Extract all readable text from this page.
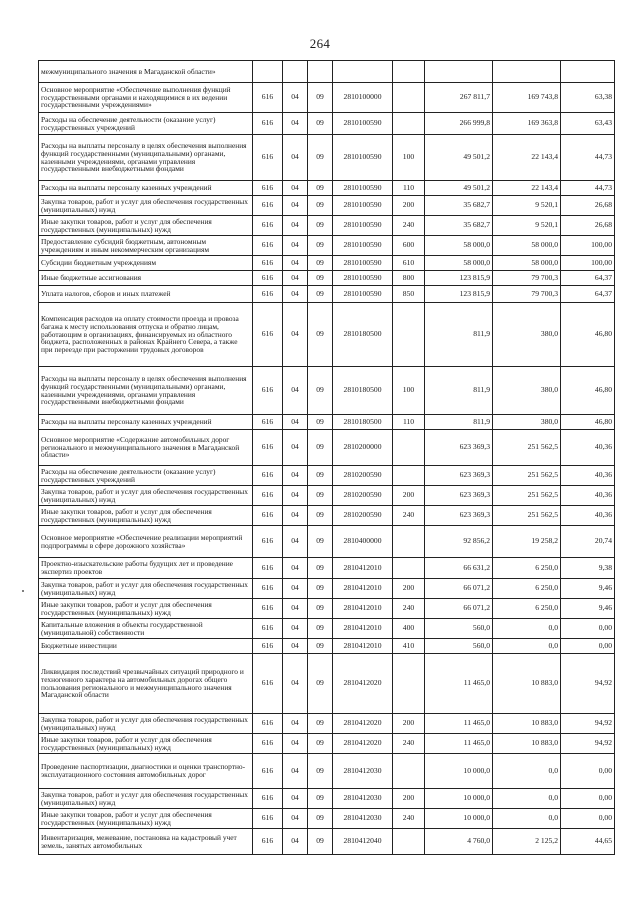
264
межмуниципального значения в Магаданской области»								
Основное мероприятие «Обеспечение выполнения функций государственными органами и находящимися в их ведении государственными учреждениями»	616	04	09	2810100000		267 811,7	169 743,8	63,38
Расходы на обеспечение деятельности (оказание услуг) государственных учреждений	616	04	09	2810100590		266 999,8	169 363,8	63,43
Расходы на выплаты персоналу в целях обеспечения выполнения функций государственными (муниципальными) органами, казенными учреждениями, органами управления государственными внебюджетными фондами	616	04	09	2810100590	100	49 501,2	22 143,4	44,73
Расходы на выплаты персоналу казенных учреждений	616	04	09	2810100590	110	49 501,2	22 143,4	44,73
Закупка товаров, работ и услуг для обеспечения государственных (муниципальных) нужд	616	04	09	2810100590	200	35 682,7	9 520,1	26,68
Иные закупки товаров, работ и услуг для обеспечения государственных (муниципальных) нужд	616	04	09	2810100590	240	35 682,7	9 520,1	26,68
Предоставление субсидий бюджетным, автономным учреждениям и иным некоммерческим организациям	616	04	09	2810100590	600	58 000,0	58 000,0	100,00
Субсидии бюджетным учреждениям	616	04	09	2810100590	610	58 000,0	58 000,0	100,00
Иные бюджетные ассигнования	616	04	09	2810100590	800	123 815,9	79 700,3	64,37
Уплата налогов, сборов и иных платежей	616	04	09	2810100590	850	123 815,9	79 700,3	64,37
Компенсация расходов на оплату стоимости проезда и провоза багажа к месту использования отпуска и обратно лицам, работающим в организациях, финансируемых из областного бюджета, расположенных в районах Крайнего Севера, а также при переезде при расторжении трудовых договоров	616	04	09	2810180500		811,9	380,0	46,80
Расходы на выплаты персоналу в целях обеспечения выполнения функций государственными (муниципальными) органами, казенными учреждениями, органами управления государственными внебюджетными фондами	616	04	09	2810180500	100	811,9	380,0	46,80
Расходы на выплаты персоналу казенных учреждений	616	04	09	2810180500	110	811,9	380,0	46,80
Основное мероприятие «Содержание автомобильных дорог регионального и межмуниципального значения в Магаданской области»	616	04	09	2810200000		623 369,3	251 562,5	40,36
Расходы на обеспечение деятельности (оказание услуг) государственных учреждений	616	04	09	2810200590		623 369,3	251 562,5	40,36
Закупка товаров, работ и услуг для обеспечения государственных (муниципальных) нужд	616	04	09	2810200590	200	623 369,3	251 562,5	40,36
Иные закупки товаров, работ и услуг для обеспечения государственных (муниципальных) нужд	616	04	09	2810200590	240	623 369,3	251 562,5	40,36
Основное мероприятие «Обеспечение реализации мероприятий подпрограммы в сфере дорожного хозяйства»	616	04	09	2810400000		92 856,2	19 258,2	20,74
Проектно-изыскательские работы будущих лет и проведение экспертиз проектов	616	04	09	2810412010		66 631,2	6 250,0	9,38
Закупка товаров, работ и услуг для обеспечения государственных (муниципальных) нужд	616	04	09	2810412010	200	66 071,2	6 250,0	9,46
Иные закупки товаров, работ и услуг для обеспечения государственных (муниципальных) нужд	616	04	09	2810412010	240	66 071,2	6 250,0	9,46
Капитальные вложения в объекты государственной (муниципальной) собственности	616	04	09	2810412010	400	560,0	0,0	0,00
Бюджетные инвестиции	616	04	09	2810412010	410	560,0	0,0	0,00
Ликвидация последствий чрезвычайных ситуаций природного и техногенного характера на автомобильных дорогах общего пользования регионального и межмуниципального значения Магаданской области	616	04	09	2810412020		11 465,0	10 883,0	94,92
Закупка товаров, работ и услуг для обеспечения государственных (муниципальных) нужд	616	04	09	2810412020	200	11 465,0	10 883,0	94,92
Иные закупки товаров, работ и услуг для обеспечения государственных (муниципальных) нужд	616	04	09	2810412020	240	11 465,0	10 883,0	94,92
Проведение паспортизации, диагностики и оценки транспортно-эксплуатационного состояния автомобильных дорог	616	04	09	2810412030		10 000,0	0,0	0,00
Закупка товаров, работ и услуг для обеспечения государственных (муниципальных) нужд	616	04	09	2810412030	200	10 000,0	0,0	0,00
Иные закупки товаров, работ и услуг для обеспечения государственных (муниципальных) нужд	616	04	09	2810412030	240	10 000,0	0,0	0,00
Инвентаризация, межевание, постановка на кадастровый учет земель, занятых автомобильных	616	04	09	2810412040		4 760,0	2 125,2	44,65
